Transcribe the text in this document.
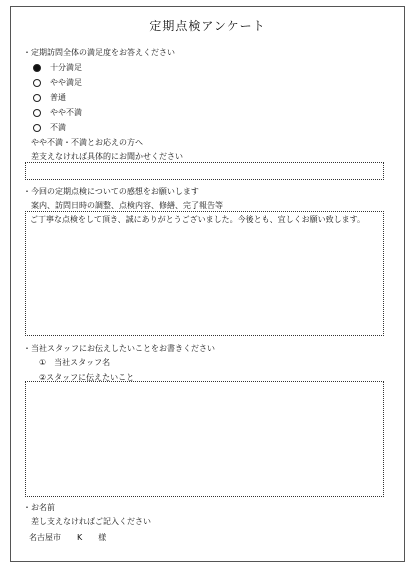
定期点検アンケート
・定期訪問全体の満足度をお答えください
十分満足
やや満足
普通
やや不満
不満
やや不満・不満とお応えの方へ
差支えなければ具体的にお聞かせください
・今回の定期点検についての感想をお願いします
案内、訪問日時の調整、点検内容、修繕、完了報告等
ご丁寧な点検をして頂き、誠にありがとうございました。今後とも、宜しくお願い致します。
・当社スタッフにお伝えしたいことをお書きください
①　当社スタッフ名
②スタッフに伝えたいこと
・お名前
差し支えなければご記入ください
名古屋市　　K　　様
